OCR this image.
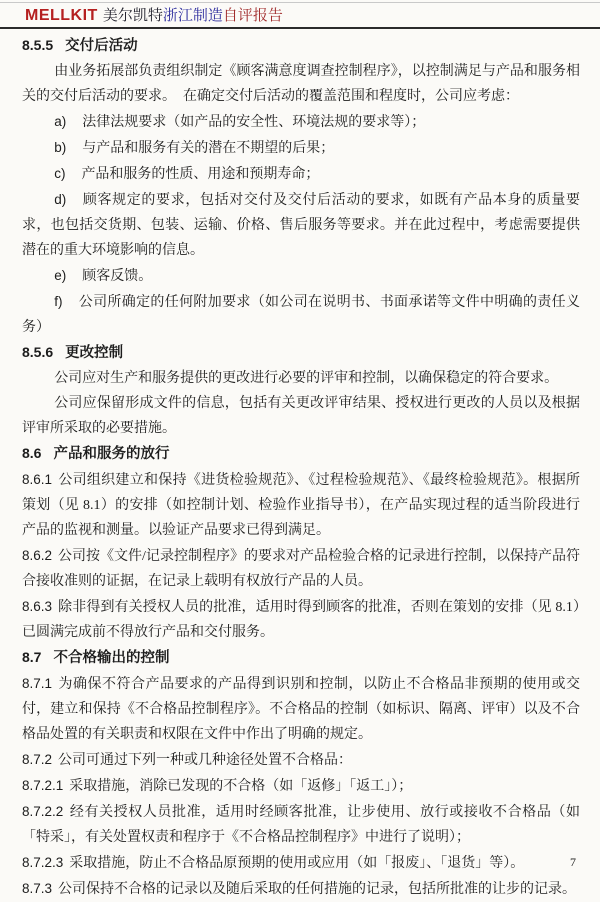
MELLKIT 美尔凯特浙江制造自评报告

8.5.5 交付后活动

由业务拓展部负责组织制定《顾客满意度调查控制程序》，以控制满足与产品和服务相关的交付后活动的要求。　在确定交付后活动的覆盖范围和程度时，公司应考虑：

a) 法律法规要求（如产品的安全性、环境法规的要求等）；

b) 与产品和服务有关的潜在不期望的后果；

c) 产品和服务的性质、用途和预期寿命；

d) 顾客规定的要求，包括对交付及交付后活动的要求，如既有产品本身的质量要求，也包括交货期、包装、运输、价格、售后服务等要求。并在此过程中，考虑需要提供潜在的重大环境影响的信息。

e) 顾客反馈。

f) 公司所确定的任何附加要求（如公司在说明书、书面承诺等文件中明确的责任义务）

8.5.6 更改控制

公司应对生产和服务提供的更改进行必要的评审和控制，以确保稳定的符合要求。

公司应保留形成文件的信息，包括有关更改评审结果、授权进行更改的人员以及根据评审所采取的必要措施。

8.6 产品和服务的放行

8.6.1 公司组织建立和保持《进货检验规范》、《过程检验规范》、《最终检验规范》。根据所策划（见 8.1）的安排（如控制计划、检验作业指导书），在产品实现过程的适当阶段进行产品的监视和测量。以验证产品要求已得到满足。

8.6.2 公司按《文件/记录控制程序》的要求对产品检验合格的记录进行控制，以保持产品符合接收准则的证据，在记录上载明有权放行产品的人员。

8.6.3 除非得到有关授权人员的批准，适用时得到顾客的批准，否则在策划的安排（见 8.1）已圆满完成前不得放行产品和交付服务。

8.7 不合格输出的控制

8.7.1 为确保不符合产品要求的产品得到识别和控制，以防止不合格品非预期的使用或交付，建立和保持《不合格品控制程序》。不合格品的控制（如标识、隔离、评审）以及不合格品处置的有关职责和权限在文件中作出了明确的规定。

8.7.2 公司可通过下列一种或几种途径处置不合格品：

8.7.2.1 采取措施，消除已发现的不合格（如「返修」「返工」）；

8.7.2.2 经有关授权人员批准，适用时经顾客批准，让步使用、放行或接收不合格品（如「特采」，有关处置权责和程序于《不合格品控制程序》中进行了说明）；

8.7.2.3 采取措施，防止不合格品原预期的使用或应用（如「报废」、「退货」等）。

8.7.3 公司保持不合格的记录以及随后采取的任何措施的记录，包括所批准的让步的记录。

7
